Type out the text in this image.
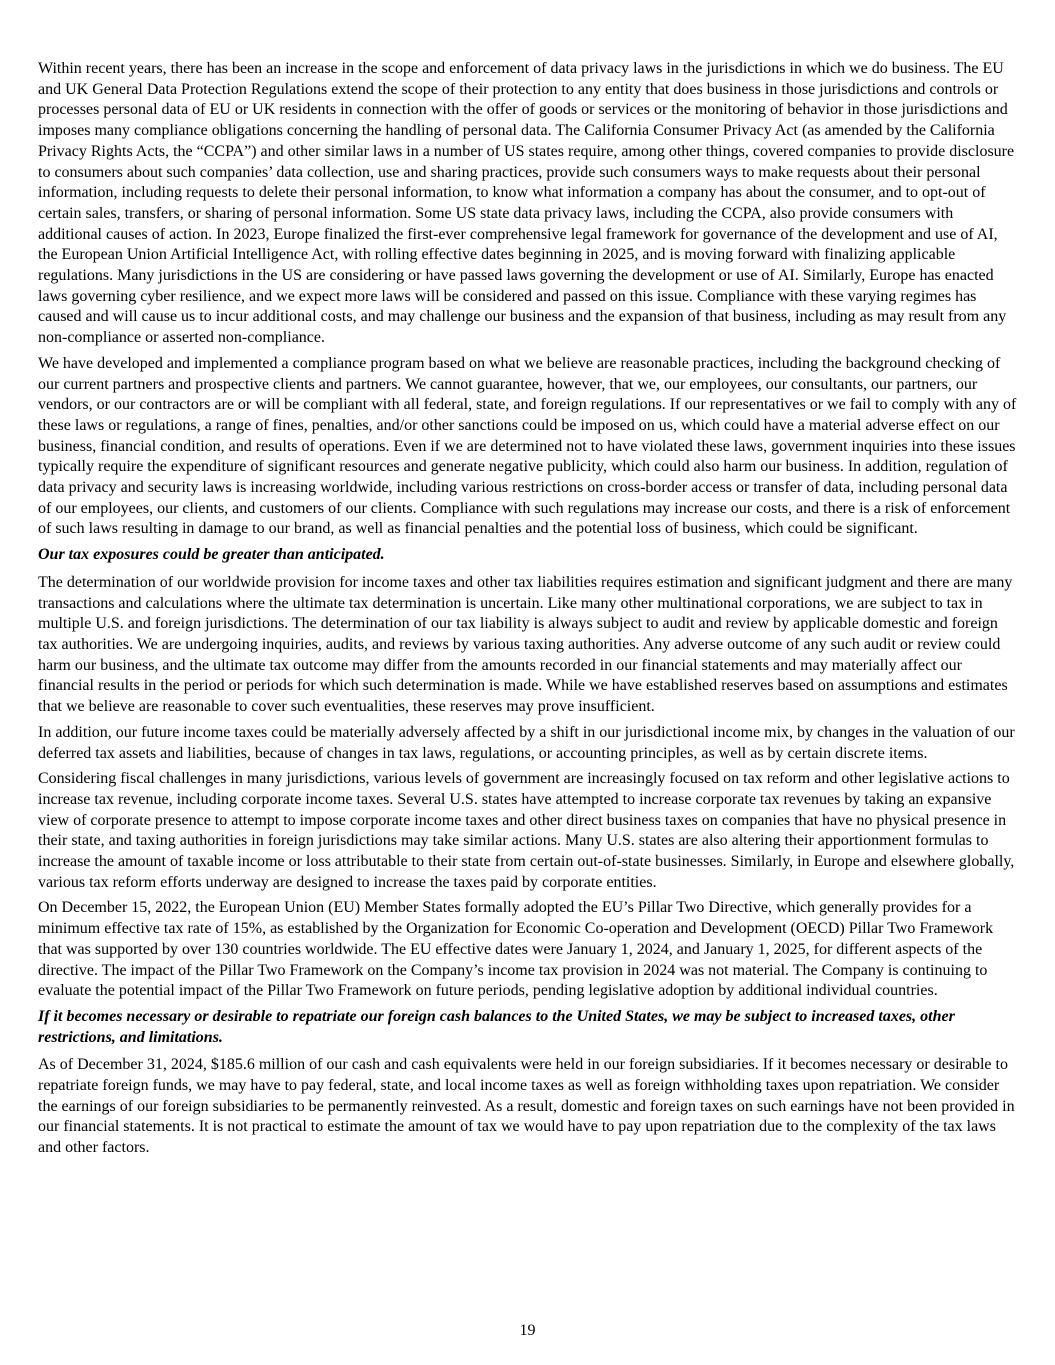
Within recent years, there has been an increase in the scope and enforcement of data privacy laws in the jurisdictions in which we do business. The EU and UK General Data Protection Regulations extend the scope of their protection to any entity that does business in those jurisdictions and controls or processes personal data of EU or UK residents in connection with the offer of goods or services or the monitoring of behavior in those jurisdictions and imposes many compliance obligations concerning the handling of personal data. The California Consumer Privacy Act (as amended by the California Privacy Rights Acts, the “CCPA”) and other similar laws in a number of US states require, among other things, covered companies to provide disclosure to consumers about such companies’ data collection, use and sharing practices, provide such consumers ways to make requests about their personal information, including requests to delete their personal information, to know what information a company has about the consumer, and to opt-out of certain sales, transfers, or sharing of personal information. Some US state data privacy laws, including the CCPA, also provide consumers with additional causes of action. In 2023, Europe finalized the first-ever comprehensive legal framework for governance of the development and use of AI, the European Union Artificial Intelligence Act, with rolling effective dates beginning in 2025, and is moving forward with finalizing applicable regulations. Many jurisdictions in the US are considering or have passed laws governing the development or use of AI. Similarly, Europe has enacted laws governing cyber resilience, and we expect more laws will be considered and passed on this issue. Compliance with these varying regimes has caused and will cause us to incur additional costs, and may challenge our business and the expansion of that business, including as may result from any non-compliance or asserted non-compliance.

We have developed and implemented a compliance program based on what we believe are reasonable practices, including the background checking of our current partners and prospective clients and partners. We cannot guarantee, however, that we, our employees, our consultants, our partners, our vendors, or our contractors are or will be compliant with all federal, state, and foreign regulations. If our representatives or we fail to comply with any of these laws or regulations, a range of fines, penalties, and/or other sanctions could be imposed on us, which could have a material adverse effect on our business, financial condition, and results of operations. Even if we are determined not to have violated these laws, government inquiries into these issues typically require the expenditure of significant resources and generate negative publicity, which could also harm our business. In addition, regulation of data privacy and security laws is increasing worldwide, including various restrictions on cross-border access or transfer of data, including personal data of our employees, our clients, and customers of our clients. Compliance with such regulations may increase our costs, and there is a risk of enforcement of such laws resulting in damage to our brand, as well as financial penalties and the potential loss of business, which could be significant.

Our tax exposures could be greater than anticipated.

The determination of our worldwide provision for income taxes and other tax liabilities requires estimation and significant judgment and there are many transactions and calculations where the ultimate tax determination is uncertain. Like many other multinational corporations, we are subject to tax in multiple U.S. and foreign jurisdictions. The determination of our tax liability is always subject to audit and review by applicable domestic and foreign tax authorities. We are undergoing inquiries, audits, and reviews by various taxing authorities. Any adverse outcome of any such audit or review could harm our business, and the ultimate tax outcome may differ from the amounts recorded in our financial statements and may materially affect our financial results in the period or periods for which such determination is made. While we have established reserves based on assumptions and estimates that we believe are reasonable to cover such eventualities, these reserves may prove insufficient.

In addition, our future income taxes could be materially adversely affected by a shift in our jurisdictional income mix, by changes in the valuation of our deferred tax assets and liabilities, because of changes in tax laws, regulations, or accounting principles, as well as by certain discrete items.

Considering fiscal challenges in many jurisdictions, various levels of government are increasingly focused on tax reform and other legislative actions to increase tax revenue, including corporate income taxes. Several U.S. states have attempted to increase corporate tax revenues by taking an expansive view of corporate presence to attempt to impose corporate income taxes and other direct business taxes on companies that have no physical presence in their state, and taxing authorities in foreign jurisdictions may take similar actions. Many U.S. states are also altering their apportionment formulas to increase the amount of taxable income or loss attributable to their state from certain out-of-state businesses. Similarly, in Europe and elsewhere globally, various tax reform efforts underway are designed to increase the taxes paid by corporate entities.

On December 15, 2022, the European Union (EU) Member States formally adopted the EU’s Pillar Two Directive, which generally provides for a minimum effective tax rate of 15%, as established by the Organization for Economic Co-operation and Development (OECD) Pillar Two Framework that was supported by over 130 countries worldwide. The EU effective dates were January 1, 2024, and January 1, 2025, for different aspects of the directive. The impact of the Pillar Two Framework on the Company’s income tax provision in 2024 was not material. The Company is continuing to evaluate the potential impact of the Pillar Two Framework on future periods, pending legislative adoption by additional individual countries.

If it becomes necessary or desirable to repatriate our foreign cash balances to the United States, we may be subject to increased taxes, other restrictions, and limitations.

As of December 31, 2024, $185.6 million of our cash and cash equivalents were held in our foreign subsidiaries. If it becomes necessary or desirable to repatriate foreign funds, we may have to pay federal, state, and local income taxes as well as foreign withholding taxes upon repatriation. We consider the earnings of our foreign subsidiaries to be permanently reinvested. As a result, domestic and foreign taxes on such earnings have not been provided in our financial statements. It is not practical to estimate the amount of tax we would have to pay upon repatriation due to the complexity of the tax laws and other factors.

19
